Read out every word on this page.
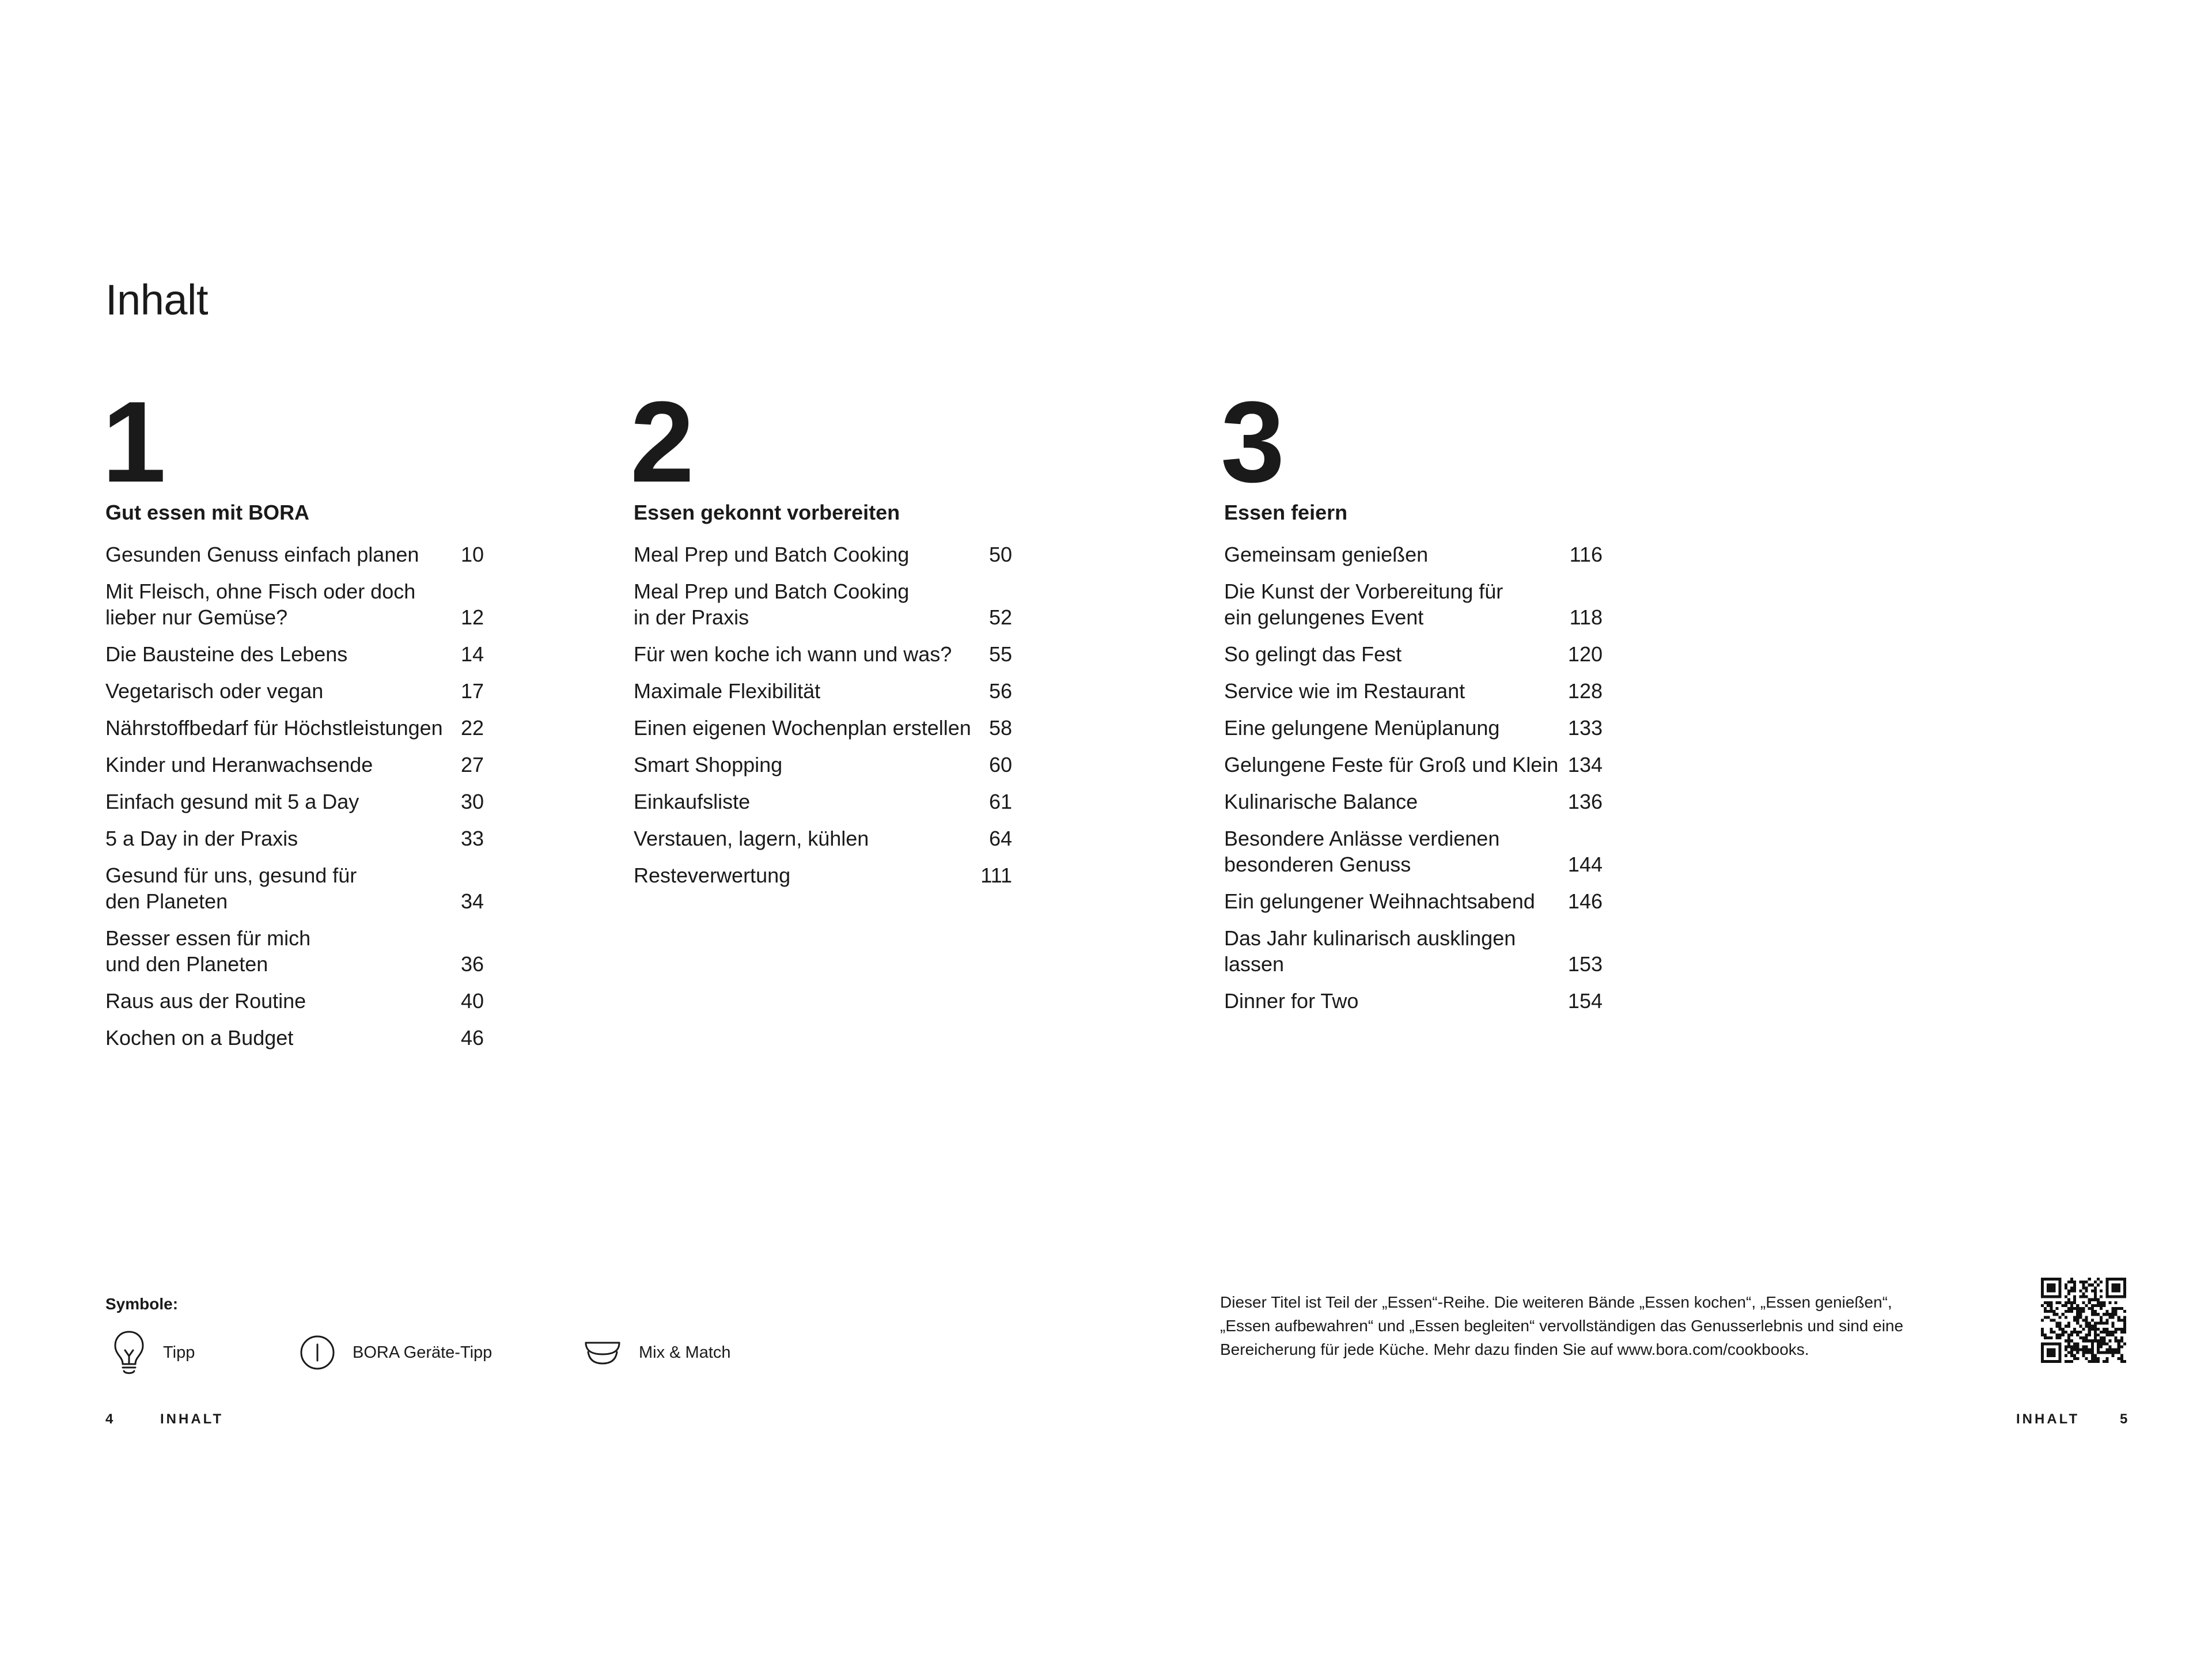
Inhalt
1
Gut essen mit BORA
Gesunden Genuss einfach planen 10
Mit Fleisch, ohne Fisch oder doch
lieber nur Gemüse?	12
Die Bausteine des Lebens	14
Vegetarisch oder vegan	17
Nährstoffbedarf für Höchstleistungen 22
Kinder und Heranwachsende	27
Einfach gesund mit 5 a Day	30
5 a Day in der Praxis	33
Gesund für uns, gesund für
den Planeten	34
Besser essen für mich
und den Planeten	36
Raus aus der Routine	40
Kochen on a Budget	46
2
Essen gekonnt vorbereiten
Meal Prep und Batch Cooking	50
Meal Prep und Batch Cooking
in der Praxis	52
Für wen koche ich wann und was? 55
Maximale Flexibilität	56
Einen eigenen Wochenplan erstellen 58
Smart Shopping	60
Einkaufsliste	61
Verstauen, lagern, kühlen	64
Resteverwertung	111
3
Essen feiern
Gemeinsam genießen	116
Die Kunst der Vorbereitung für
ein gelungenes Event	118
So gelingt das Fest	120
Service wie im Restaurant	128
Eine gelungene Menüplanung	133
Gelungene Feste für Groß und Klein 134
Kulinarische Balance	136
Besondere Anlässe verdienen
besonderen Genuss	144
Ein gelungener Weihnachtsabend 146
Das Jahr kulinarisch ausklingen lassen	153
Dinner for Two	154
Symbole:
Tipp	BORA Geräte-Tipp	Mix & Match

Dieser Titel ist Teil der „Essen“-Reihe. Die weiteren Bände „Essen kochen“, „Essen genießen“, „Essen aufbewahren“ und „Essen begleiten“ vervollständigen das Genusserlebnis und sind eine Bereicherung für jede Küche. Mehr dazu finden Sie auf www.bora.com/cookbooks.

4	INHALT	INHALT	5
